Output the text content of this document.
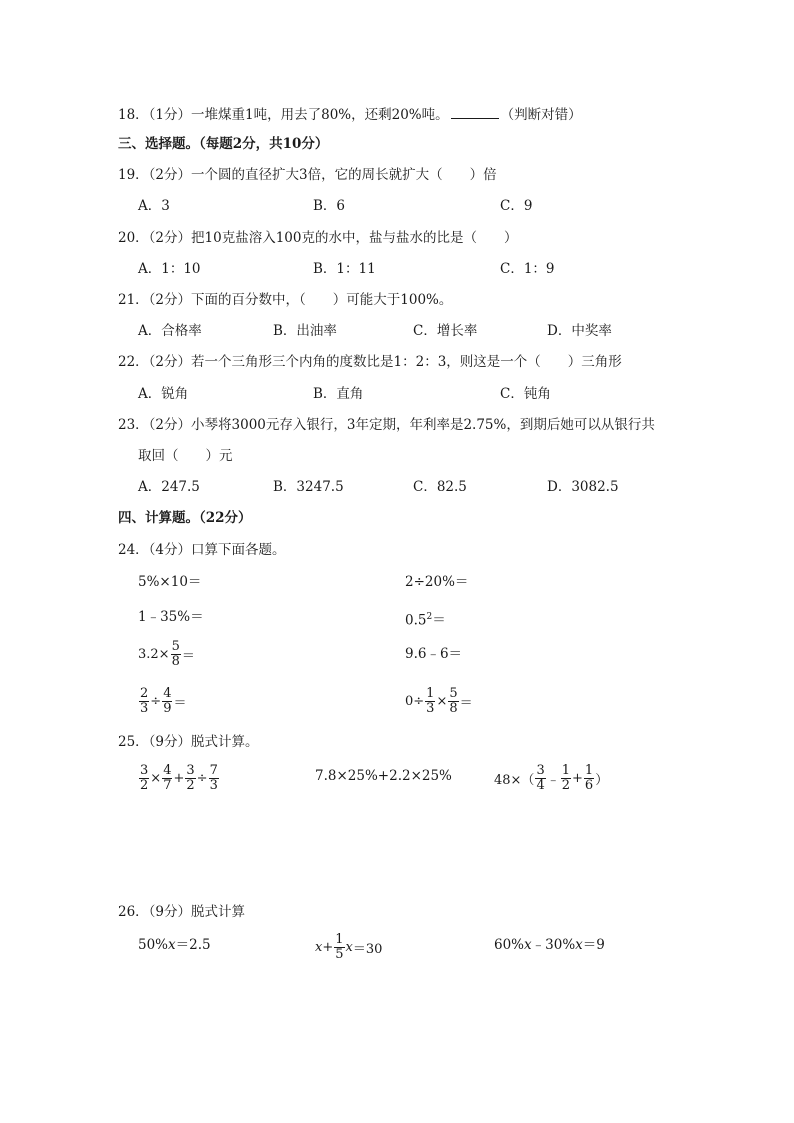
18．（1分）一堆煤重1吨，用去了80%，还剩20%吨。	（判断对错）
三、选择题。（每题2分，共10分）
19．（2分）一个圆的直径扩大3倍，它的周长就扩大（　　）倍
A．3	B．6	C．9
20．（2分）把10克盐溶入100克的水中，盐与盐水的比是（　　）
A．1：10	B．1：11	C．1：9
21．（2分）下面的百分数中，（　　）可能大于100%。
A．合格率	B．出油率	C．增长率	D．中奖率
22．（2分）若一个三角形三个内角的度数比是1：2：3，则这是一个（　　）三角形
A．锐角	B．直角	C．钝角
23．（2分）小琴将3000元存入银行，3年定期，年利率是2.75%，到期后她可以从银行共
取回（　　）元
A．247.5	B．3247.5	C．82.5	D．3082.5
四、计算题。（22分）
24．（4分）口算下面各题。
5%×10＝	2÷20%＝
1﹣35%＝	$0.5^2=$
$3.2\times \frac{5}{8}$ ＝	9.6﹣6＝
$\frac{2}{3} \div \frac{4}{9}$ ＝	$0\div \frac{1}{3} \times \frac{5}{8}$ ＝
25．（9分）脱式计算。
$\frac{3}{2} \times \frac{4}{7} + \frac{3}{2} \div \frac{7}{3}$	7.8×25%+2.2×25%	$48\times( \frac{3}{4}$ ﹣ $\frac{1}{2} + \frac{1}{6}$ ）
26．（9分）脱式计算
50%x＝2.5	$x + \frac{1}{5}$ x ＝30	60%x﹣30%x＝9
